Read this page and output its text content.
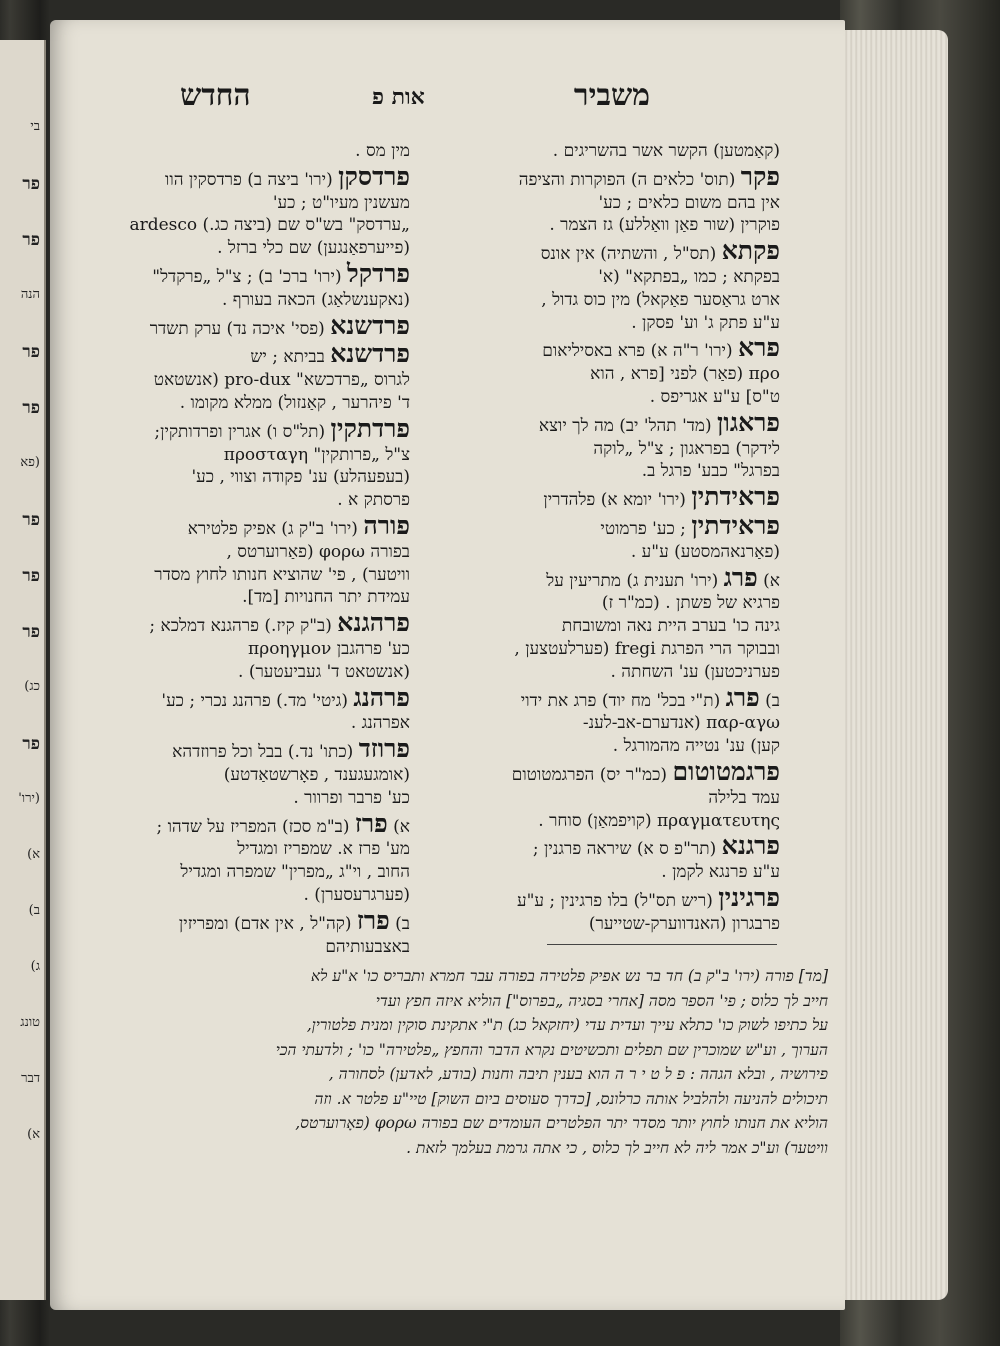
בי
פר
פר
הנה
פר
פר
(פא
פר
פר
פר
כג)
פר
(ירו'
א)
ב)
ג)
טונג
דבר
א)
משביר
אות פ
החדש

(קאַמטען) הקשר אשר בהשריגים .

פקר (תוס' כלאים ה) הפוקרות והציפה

אין בהם משום כלאים ; כע'

פוקרין (שור פאַן וואַללע) גז הצמר .

פקתא (תס"ל , והשתיה) אין אונס

בפקתא ; כמו „בפתקא" (א'

ארט גראַסער פאַקאל) מין כוס גדול ,

ע"ע פתק ג' וע' פסקן .

פרא (ירו' ר"ה א) פרא באסיליאום

προ (פאַר) לפני [פרא , הוא

ט"ס] ע"ע אגריפס .

פראגון (מד' תהל' יב) מה לך יוצא

לידקר) בפראגון ; צ"ל „לוקה

בפרגל" כבע' פרגל ב.

פראידתין (ירו' יומא א) פלהדרין

פראידתין ; כע' פרמוטי

(פאַרנאהמסטע) ע"ע .

א) פרג (ירו' תענית ג) מתריעין על

פרגיא של פשתן . (כמ"ר ז)

גינה כו' בערב היית נאה ומשובחת

ובבוקר הרי הפרגת fregi (פערלעטצען ,

פערניכטען) ענ' השחתה .

ב) פרג (ת"י בכל' מח יוד) פרג את ידוי

παρ-αγω (אנדערם-אב-לענ-

קען) ענ' נטייה מהמורגל .

פרגמטוטום (כמ"ר יס) הפרגמטוטום

עמד בלילה

πραγματευτης (קויפמאַן) סוחר .

פרגנא (תר"פ ס א) שיראה פרגנין ;

ע"ע פרנגא לקמן .

פרגינין (ריש תס"ל) בלו פרגינין ; ע"ע

פרבגרון (האנדווערק-שטייער)

מין מס .

פרדסקן (ירו' ביצה ב) פרדסקין הוו

מעשנין מעיו"ט ; כע'

„ערדסק" בש"ס שם (ביצה כג.) ardesco

(פייערפאַנגען) שם כלי ברזל .

פרדקל (ירו' ברכ' ב) ; צ"ל „פרקדל"

(נאקענשלאַג) הכאה בעורף .

פרדשנא (פסי' איכה נד) ערק תשדר

פרדשנא בביתא ; יש

לגרוס „פרדכשא" pro-dux (אנשטאט

ד' פיהרער , קאַנזול) ממלא מקומו .

פרדתקין (תל"ס ו) אגרין ופרדותקין;

צ"ל „פרותקין" προσταγη

(בעפעהלע) ענ' פקודה וצווי , כע'

פרסתק א .

פורה (ירו' ב"ק ג) אפיק פלטירא

בפורה φορω (פאַרוערטס ,

וויטער) , פי' שהוציא חנותו לחוץ מסדר

עמידת יתר החנויות [מד].

פרהגנא (ב"ק קיז.) פרהגנא דמלכא ;

כע' פרהגבן προηγμον

(אנשטאט ד' געביעטער) .

פרהנג (גיטי' מד.) פרהנג נכרי ; כע'

אפרהנג .

פרוזד (כתו' נד.) בבל וכל פרוזדהא

(אומגעגענד , פאָרשטאַדטע)

כע' פרבר ופרוור .

א) פרז (ב"מ סכז) המפריז על שדהו ;

מע' פרז א. שמפריז ומגדיל

החוב , וי"ג „מפרין" שמפרה ומגדיל

(פערגרעסערן) .

ב) פרז (קה"ל , אין אדם) ומפריזין

באצבעותיהם

[מד] פורה (ירו' ב"ק ב) חד בר נש אפיק פלטירה בפורה עבר חמרא ותבריס כו' א"ע לא

חייב לך כלוס ; פי' הספר מסה [אחרי בסגיה „בפרוס"] הוליא איזה חפץ ועדי

על כתיפו לשוק כו' כתלא עייך ועדית עדי (יחזקאל כג) ת"י אתקינת סוקין ומנית פלטורין,

הערוך , וע"ש שמוכרין שם תפלים ותכשיטים נקרא הדבר והחפץ „פלטירה" כו' ; ולדעתי הכי

פירושיה , ובלא הגהה : פ ל ט י ר ה הוא בענין תיבה וחנות (בודע, לאדען) לסחורה ,

תיכולים להניעה ולהלביל אותה כרלונס, [כדרך סעוסים ביום השוק] טיי"ע פלטר א. וזה

הוליא את חנותו לחוץ יותר מסדר יתר הפלטרים העומדים שם בפורה φορω (פאָרוערטס,

וויטער) וע"כ אמר ליה לא חייב לך כלוס , כי אתה גרמת בעלמך לזאת .
